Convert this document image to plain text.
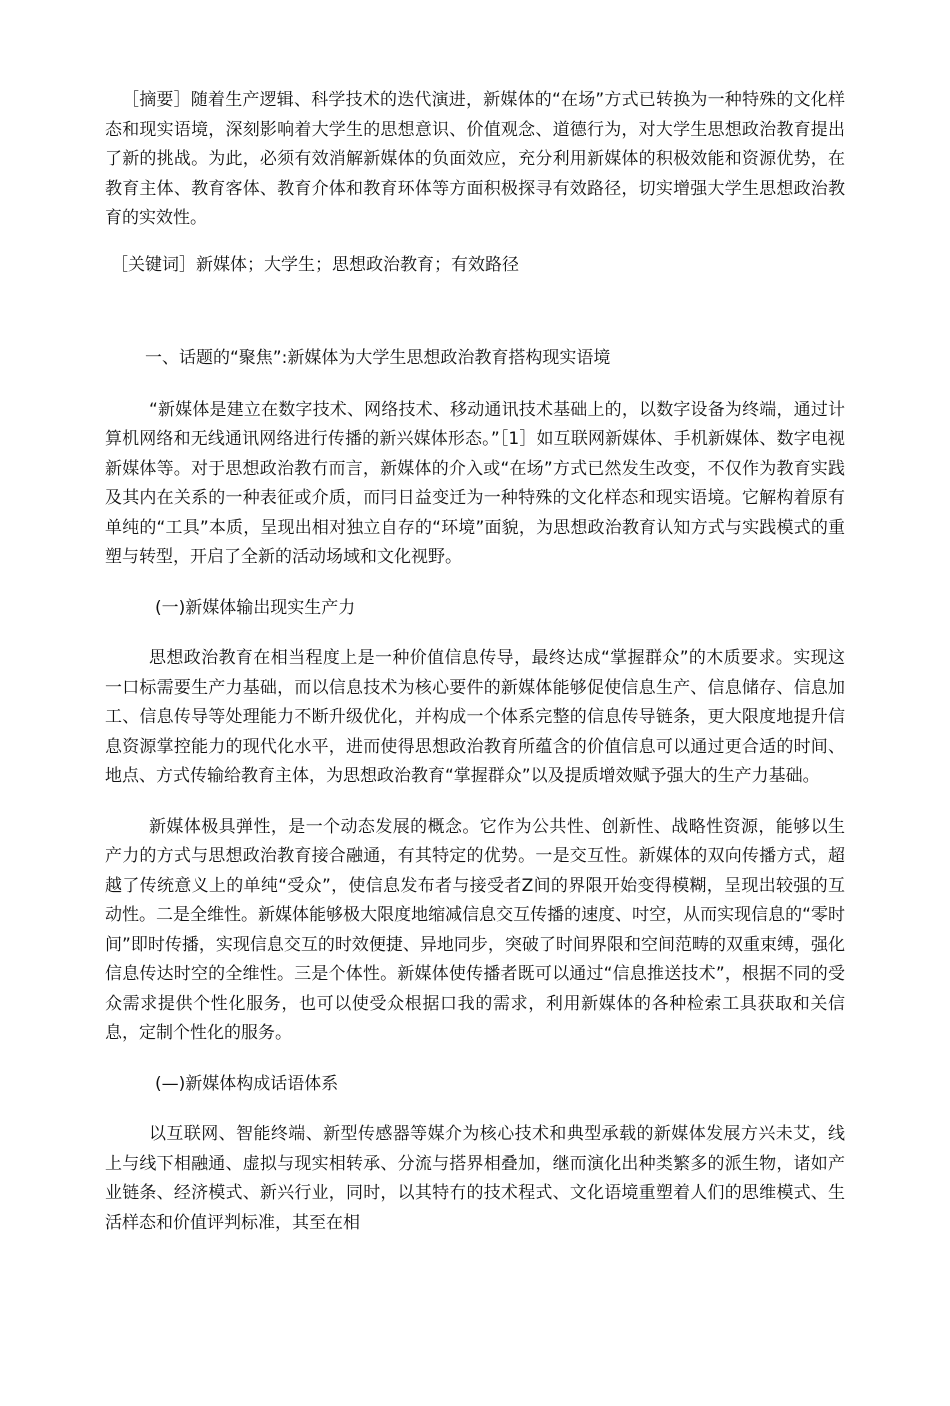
［摘要］随着生产逻辑、科学技术的迭代演进，新媒体的“在场”方式已转换为一种特殊的文化样态和现实语境，深刻影响着大学生的思想意识、价值观念、道德行为，对大学生思想政治教育提出了新的挑战。为此，必须有效消解新媒体的负面效应，充分利用新媒体的积极效能和资源优势，在教育主体、教育客体、教育介体和教育环体等方面积极探寻有效路径，切实增强大学生思想政治教育的实效性。

［关键词］新媒体；大学生；思想政治教育；有效路径

一、话题的“聚焦”:新媒体为大学生思想政治教育搭构现实语境

“新媒体是建立在数字技术、网络技术、移动通讯技术基础上的，以数字设备为终端，通过计算机网络和无线通讯网络进行传播的新兴媒体形态。”［1］如互联网新媒体、手机新媒体、数字电视新媒体等。对于思想政治教冇而言，新媒体的介入或“在场”方式已然发生改变，不仅作为教育实践及其内在关系的一种表征或介质，而冃日益变迁为一种特殊的文化样态和现实语境。它解构着原有单纯的“工具”本质，呈现出相对独立自存的“环境”面貌，为思想政治教育认知方式与实践模式的重塑与转型，开启了全新的活动场域和文化视野。

(一)新媒体输岀现实生产力

思想政治教育在相当程度上是一种价值信息传导，最终达成“掌握群众”的木质要求。实现这一口标需要生产力基础，而以信息技术为核心要件的新媒体能够促使信息生产、信息储存、信息加工、信息传导等处理能力不断升级优化，并构成一个体系完整的信息传导链条，更大限度地提升信息资源掌控能力的现代化水平，进而使得思想政治教育所蕴含的价值信息可以通过更合适的时间、地点、方式传输给教育主体，为思想政治教育“掌握群众”以及提质增效赋予强大的生产力基础。

新媒体极具弹性，是一个动态发展的概念。它作为公共性、创新性、战略性资源，能够以生产力的方式与思想政治教育接合融通，有其特定的优势。一是交互性。新媒体的双向传播方式，超越了传统意义上的单纯“受众”，使信息发布者与接受者Z间的界限开始变得模糊，呈现岀较强的互动性。二是全维性。新媒体能够极大限度地缩减信息交互传播的速度、吋空，从而实现信息的“零时间”即时传播，实现信息交互的时效便捷、异地同步，突破了时间界限和空间范畴的双重束缚，强化信息传达时空的全维性。三是个体性。新媒体使传播者既可以通过“信息推送技术”，根据不同的受众需求提供个性化服务，也可以使受众根据口我的需求，利用新媒体的各种检索工具获取和关信息，定制个性化的服务。

(—)新媒体构成话语体系

以互联网、智能终端、新型传感器等媒介为核心技术和典型承载的新媒体发展方兴未艾，线上与线下相融通、虚拟与现实相转承、分流与搭界相叠加，继而演化出种类繁多的派生物，诸如产业链条、经济模式、新兴行业，同时，以其特冇的技术程式、文化语境重塑着人们的思维模式、生活样态和价值评判标准，其至在相
